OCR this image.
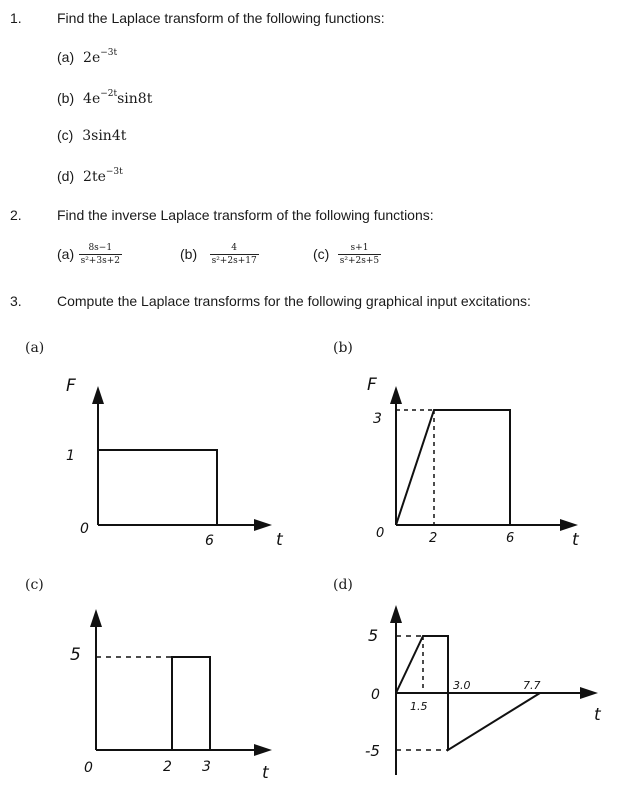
1.	Find the Laplace transform of the following functions:
(a) $2e^{-3t}$
(b) $4e^{-2t}\sin 8t$
(c) 3sin4t
(d) $2te^{-3t}$
2.	Find the inverse Laplace transform of the following functions:
$(a) \frac{8s-1}{\text{s²+3s+2}}$	$(b) \frac{4}{\text{s²+2s+17}}$	$(c) \frac{s+1}{\text{s²+2s+5}}$
3.	Compute the Laplace transforms for the following graphical input excitations:
(a)	(b)
(c)	(d)
F
t
0
1
6
F
t
0
3
2	6
5
0	2 3	t
5
0
-5
1.5
3.0	7.7
t
